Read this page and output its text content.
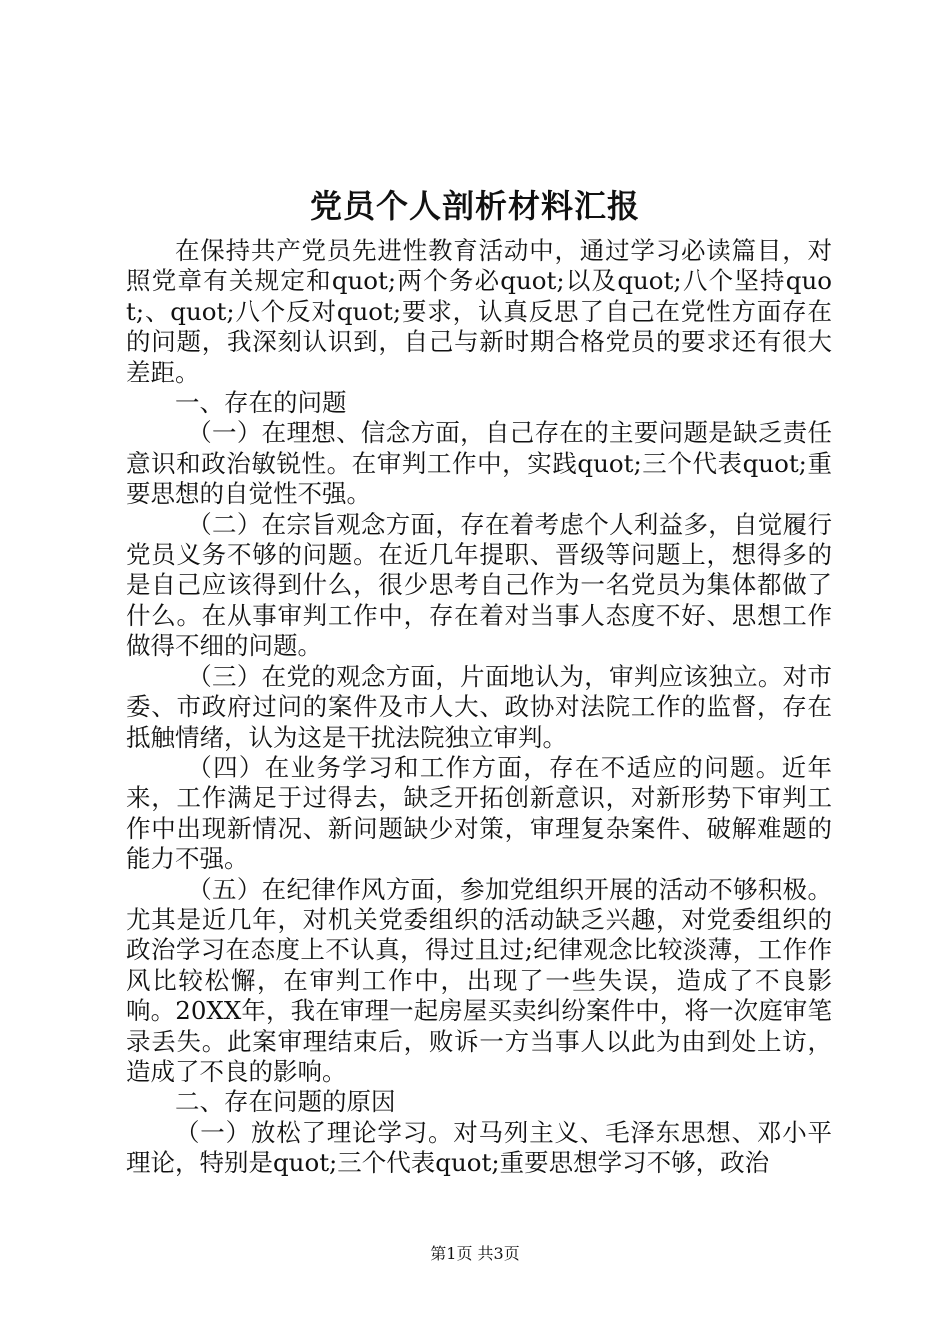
党员个人剖析材料汇报

在保持共产党员先进性教育活动中，通过学习必读篇目，对照党章有关规定和quot;两个务必quot;以及quot;八个坚持quot;、quot;八个反对quot;要求，认真反思了自己在党性方面存在的问题，我深刻认识到，自己与新时期合格党员的要求还有很大差距。

一、存在的问题

（一）在理想、信念方面，自己存在的主要问题是缺乏责任意识和政治敏锐性。在审判工作中，实践quot;三个代表quot;重要思想的自觉性不强。

（二）在宗旨观念方面，存在着考虑个人利益多，自觉履行党员义务不够的问题。在近几年提职、晋级等问题上，想得多的是自己应该得到什么，很少思考自己作为一名党员为集体都做了什么。在从事审判工作中，存在着对当事人态度不好、思想工作做得不细的问题。

（三）在党的观念方面，片面地认为，审判应该独立。对市委、市政府过问的案件及市人大、政协对法院工作的监督，存在抵触情绪，认为这是干扰法院独立审判。

（四）在业务学习和工作方面，存在不适应的问题。近年来，工作满足于过得去，缺乏开拓创新意识，对新形势下审判工作中出现新情况、新问题缺少对策，审理复杂案件、破解难题的能力不强。

（五）在纪律作风方面，参加党组织开展的活动不够积极。尤其是近几年，对机关党委组织的活动缺乏兴趣，对党委组织的政治学习在态度上不认真，得过且过;纪律观念比较淡薄，工作作风比较松懈，在审判工作中，出现了一些失误，造成了不良影响。20XX年，我在审理一起房屋买卖纠纷案件中，将一次庭审笔录丢失。此案审理结束后，败诉一方当事人以此为由到处上访，造成了不良的影响。

二、存在问题的原因

（一）放松了理论学习。对马列主义、毛泽东思想、邓小平理论，特别是quot;三个代表quot;重要思想学习不够，政治

第1页 共3页
